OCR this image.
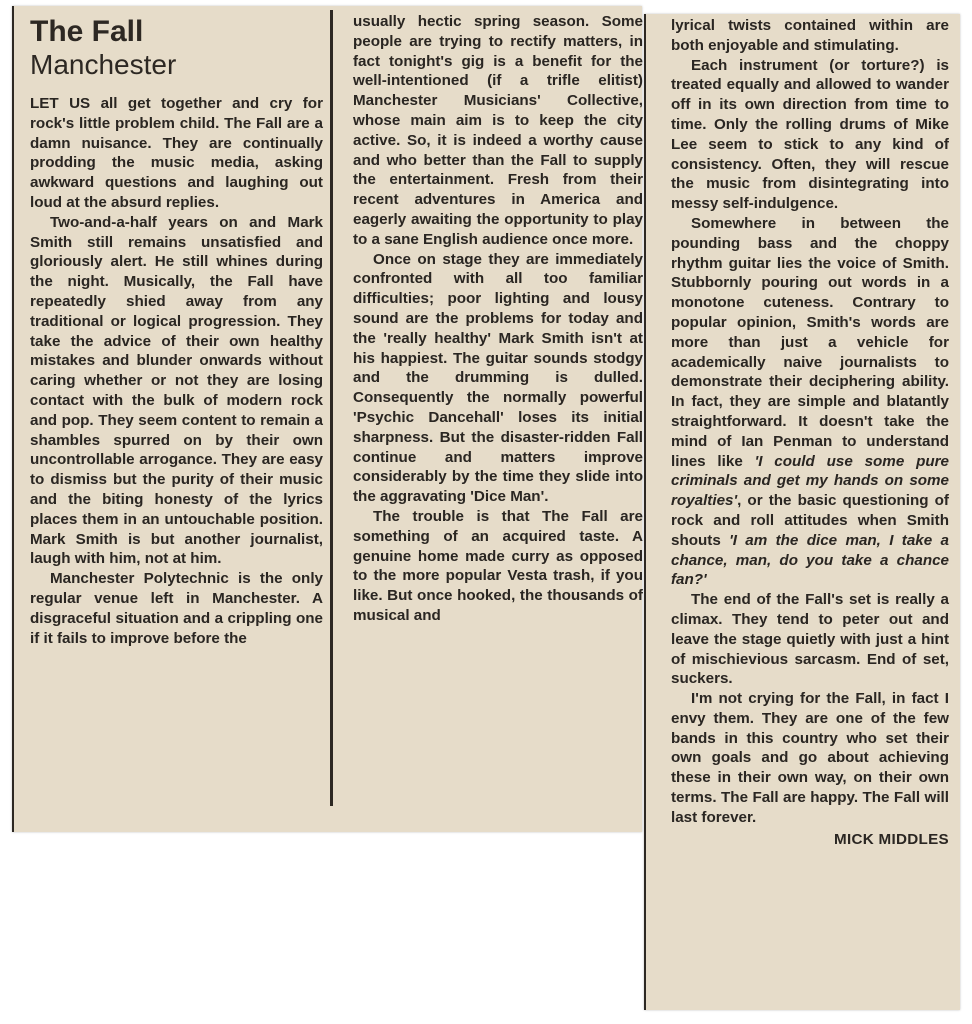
The Fall
Manchester

LET US all get together and cry for rock's little problem child. The Fall are a damn nuisance. They are continually prodding the music media, asking awkward questions and laughing out loud at the absurd replies.

Two-and-a-half years on and Mark Smith still remains unsatisfied and gloriously alert. He still whines during the night. Musically, the Fall have repeatedly shied away from any traditional or logical progression. They take the advice of their own healthy mistakes and blunder onwards without caring whether or not they are losing contact with the bulk of modern rock and pop. They seem content to remain a shambles spurred on by their own uncontrollable arrogance. They are easy to dismiss but the purity of their music and the biting honesty of the lyrics places them in an untouchable position. Mark Smith is but another journalist, laugh with him, not at him.

Manchester Polytechnic is the only regular venue left in Manchester. A disgraceful situation and a crippling one if it fails to improve before the

usually hectic spring season. Some people are trying to rectify matters, in fact tonight's gig is a benefit for the well-intentioned (if a trifle elitist) Manchester Musicians' Collective, whose main aim is to keep the city active. So, it is indeed a worthy cause and who better than the Fall to supply the entertainment. Fresh from their recent adventures in America and eagerly awaiting the opportunity to play to a sane English audience once more.

Once on stage they are immediately confronted with all too familiar difficulties; poor lighting and lousy sound are the problems for today and the 'really healthy' Mark Smith isn't at his happiest. The guitar sounds stodgy and the drumming is dulled. Consequently the normally powerful 'Psychic Dancehall' loses its initial sharpness. But the disaster-ridden Fall continue and matters improve considerably by the time they slide into the aggravating 'Dice Man'.

The trouble is that The Fall are something of an acquired taste. A genuine home made curry as opposed to the more popular Vesta trash, if you like. But once hooked, the thousands of musical and

lyrical twists contained within are both enjoyable and stimulating.

Each instrument (or torture?) is treated equally and allowed to wander off in its own direction from time to time. Only the rolling drums of Mike Lee seem to stick to any kind of consistency. Often, they will rescue the music from disintegrating into messy self-indulgence.

Somewhere in between the pounding bass and the choppy rhythm guitar lies the voice of Smith. Stubbornly pouring out words in a monotone cuteness. Contrary to popular opinion, Smith's words are more than just a vehicle for academically naive journalists to demonstrate their deciphering ability. In fact, they are simple and blatantly straightforward. It doesn't take the mind of Ian Penman to understand lines like 'I could use some pure criminals and get my hands on some royalties', or the basic questioning of rock and roll attitudes when Smith shouts 'I am the dice man, I take a chance, man, do you take a chance fan?'

The end of the Fall's set is really a climax. They tend to peter out and leave the stage quietly with just a hint of mischievious sarcasm. End of set, suckers.

I'm not crying for the Fall, in fact I envy them. They are one of the few bands in this country who set their own goals and go about achieving these in their own way, on their own terms. The Fall are happy. The Fall will last forever.

MICK MIDDLES
